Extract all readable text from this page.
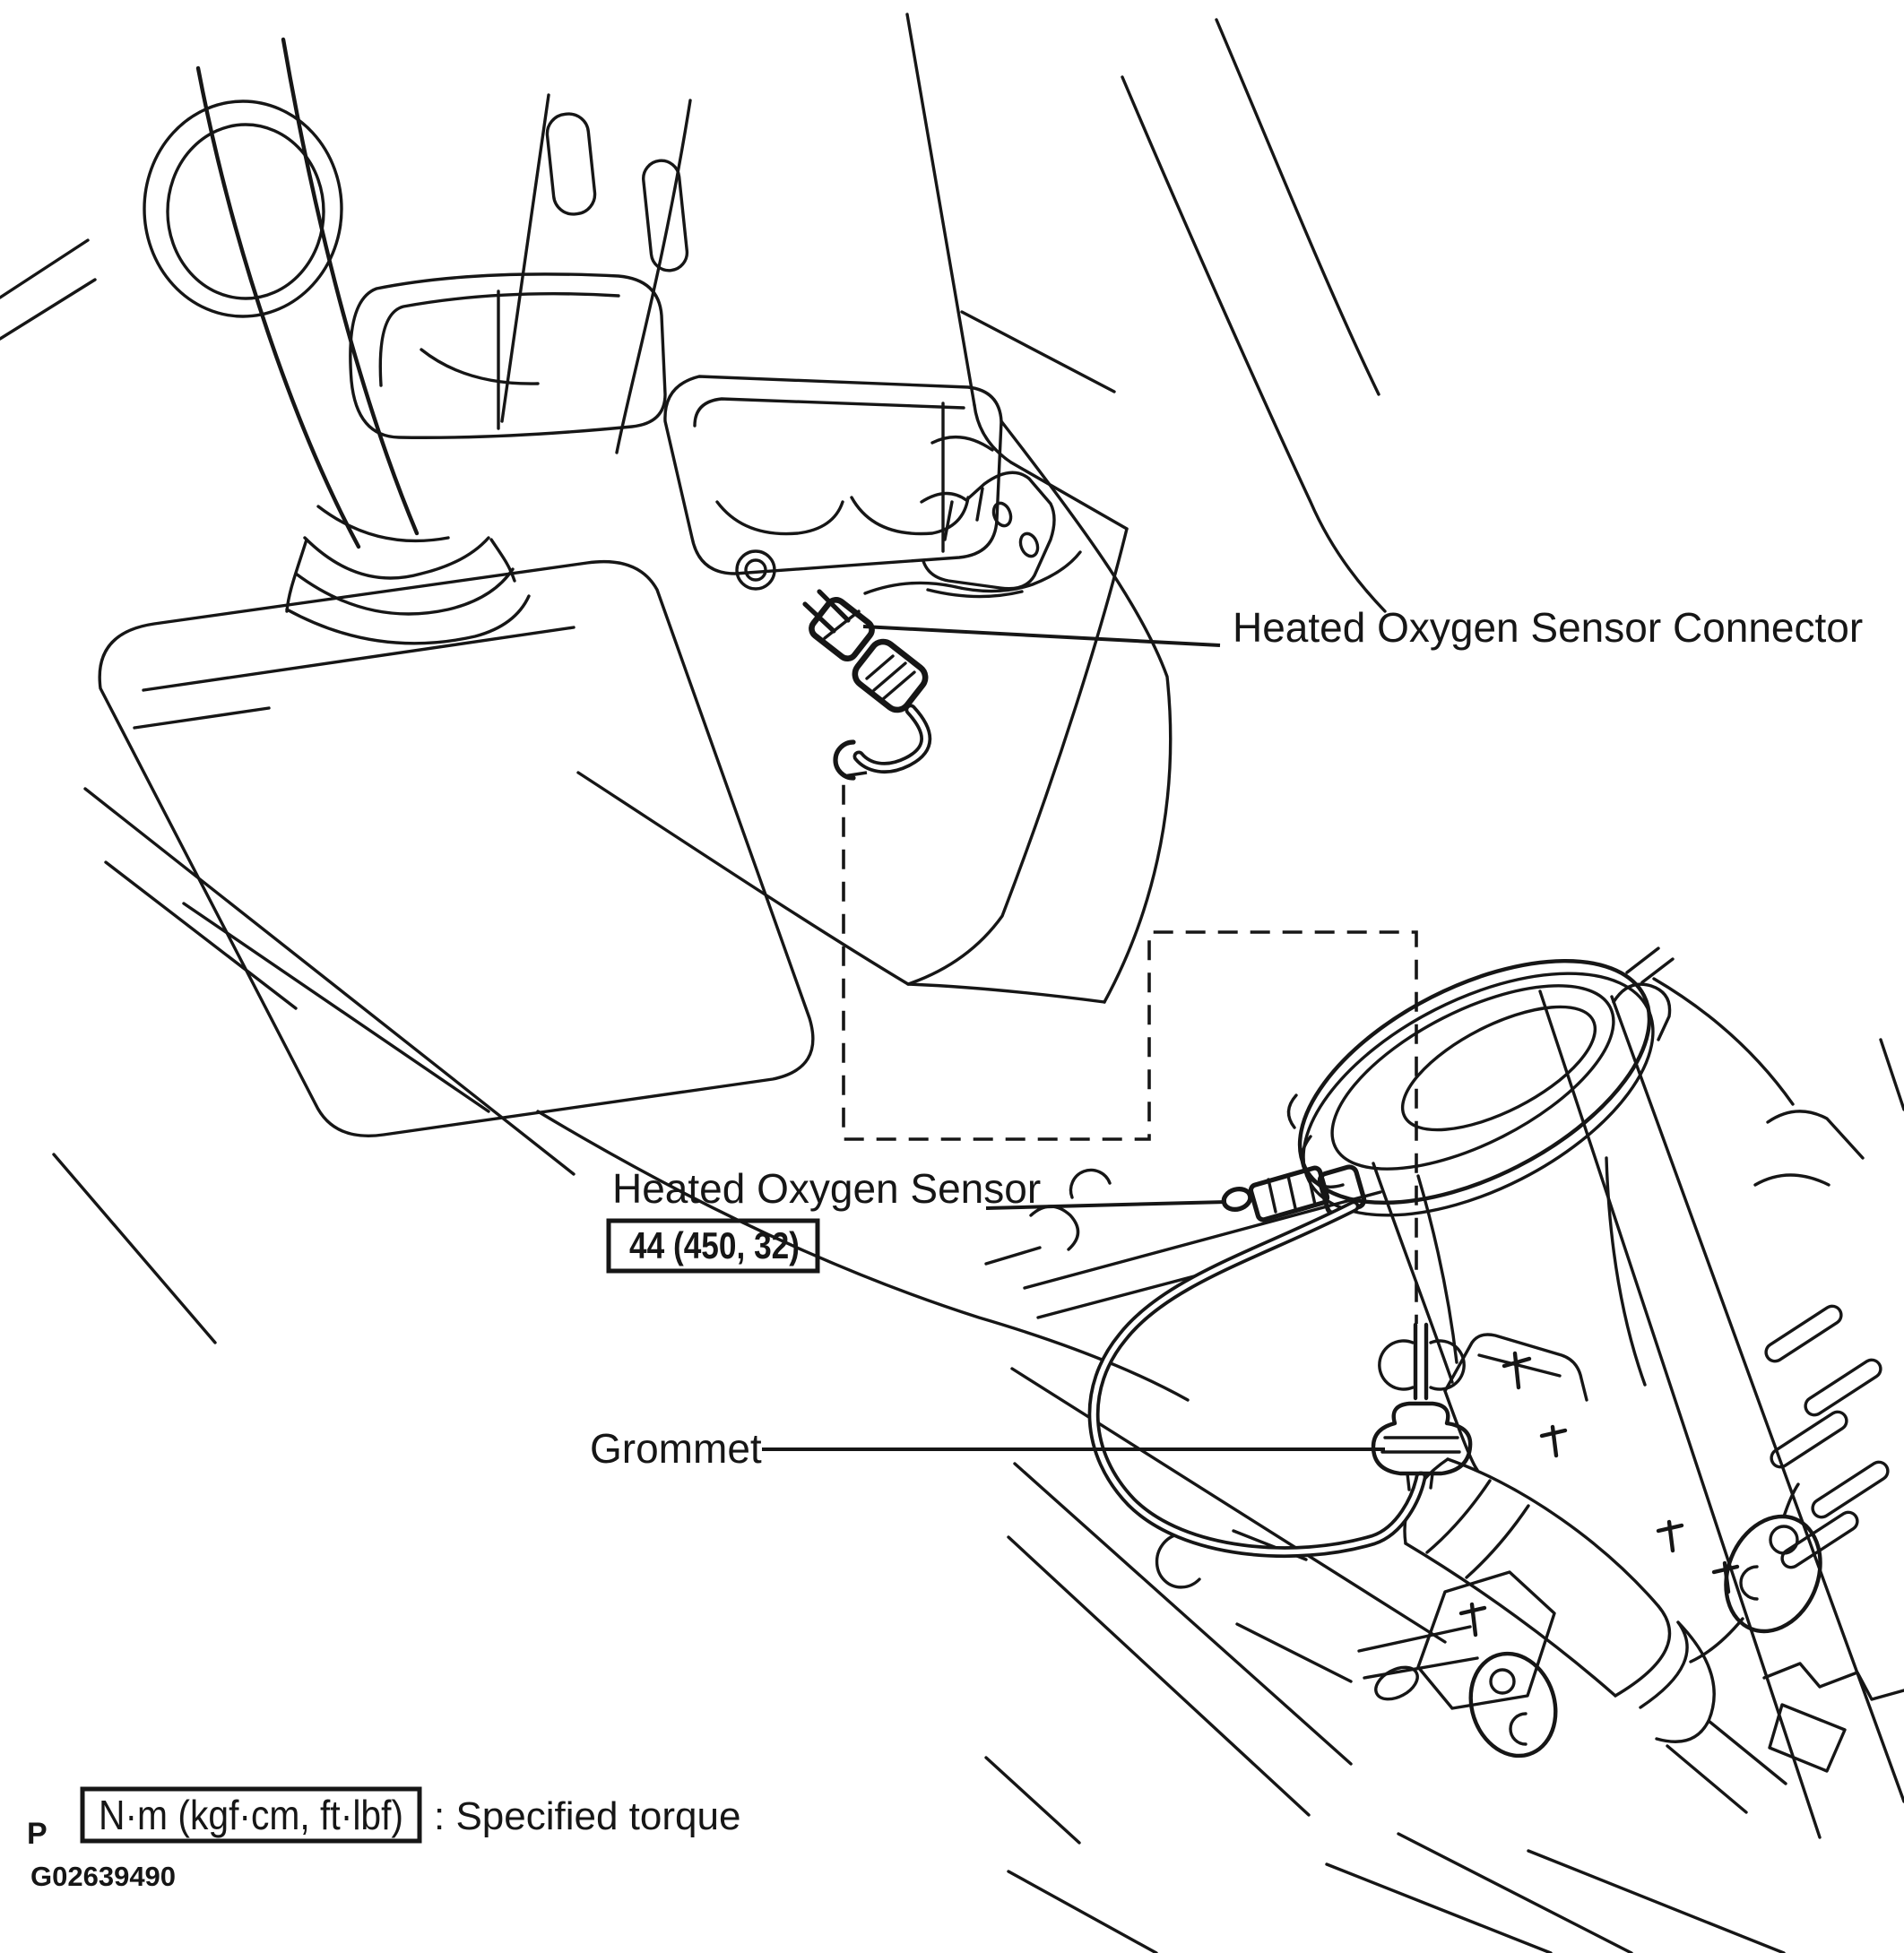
Heated Oxygen Sensor Connector
Heated Oxygen Sensor
44 (450, 32)
Grommet
P N·m (kgf·cm, ft·lbf) : Specified torque
G02639490
